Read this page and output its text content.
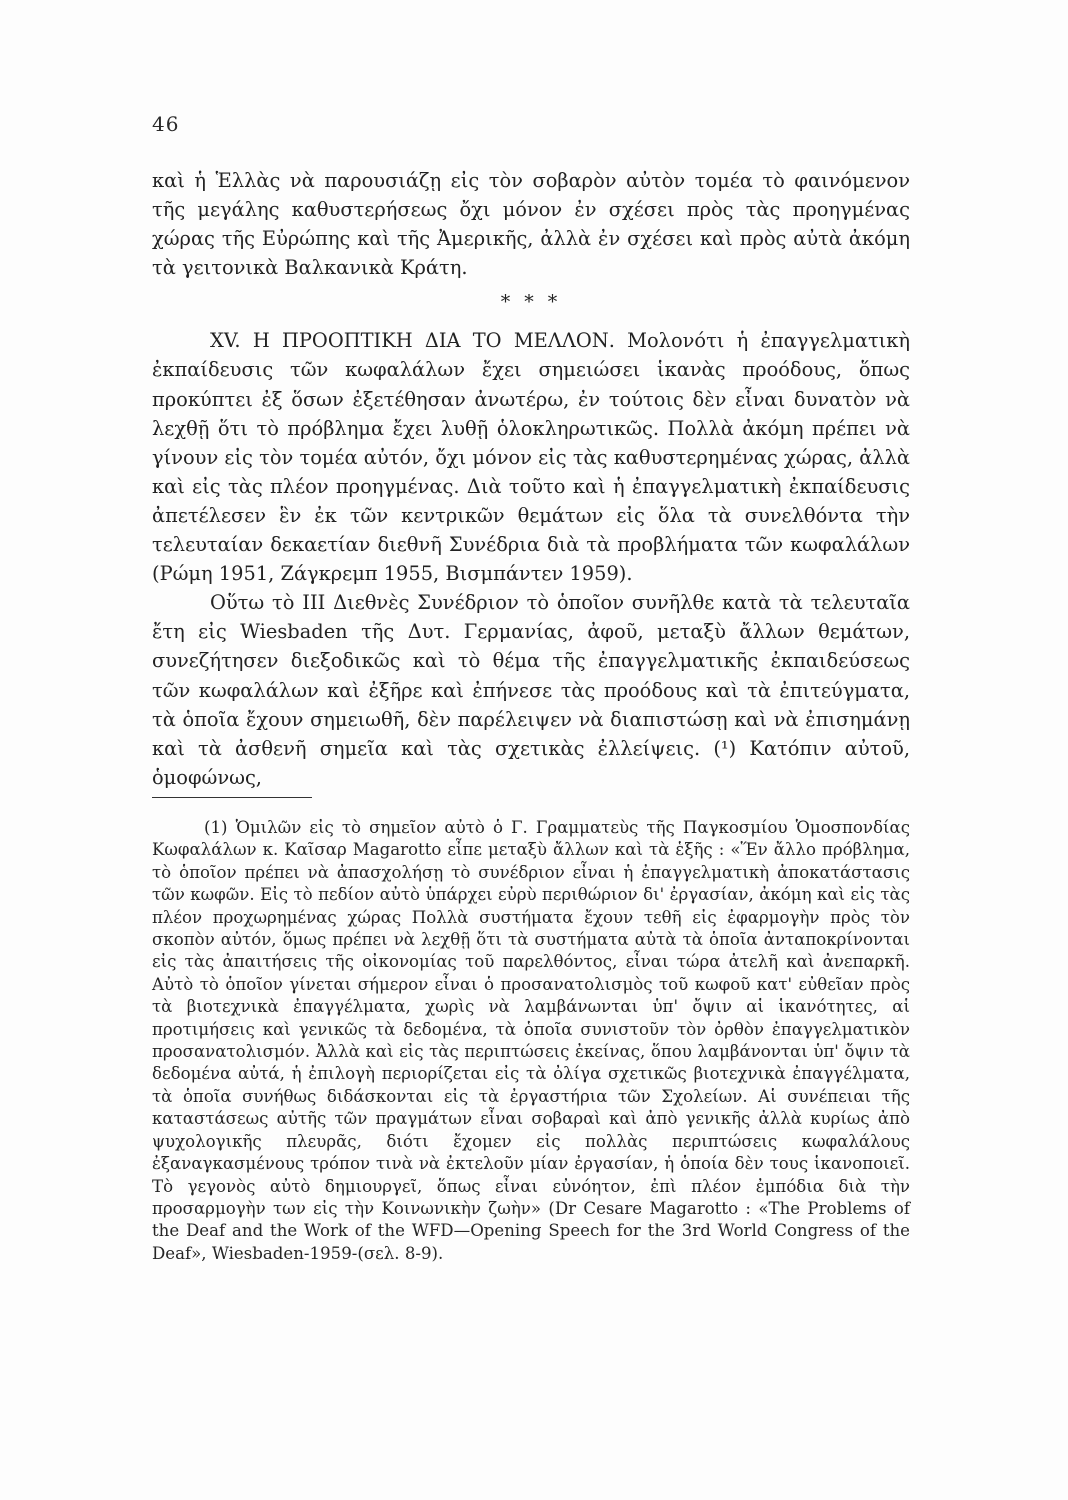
46

καὶ ἡ Ἑλλὰς νὰ παρουσιάζῃ εἰς τὸν σοβαρὸν αὐτὸν τομέα τὸ φαινόμενον τῆς μεγάλης καθυστερήσεως ὄχι μόνον ἐν σχέσει πρὸς τὰς προηγμένας χώρας τῆς Εὐρώπης καὶ τῆς Ἀμερικῆς, ἀλλὰ ἐν σχέσει καὶ πρὸς αὐτὰ ἀκόμη τὰ γειτονικὰ Βαλκανικὰ Κράτη.

* * *

XV. Η ΠΡΟΟΠΤΙΚΗ ΔΙΑ ΤΟ ΜΕΛΛΟΝ. Μολονότι ἡ ἐπαγγελματικὴ ἐκπαίδευσις τῶν κωφαλάλων ἔχει σημειώσει ἱκανὰς προόδους, ὅπως προκύπτει ἐξ ὅσων ἐξετέθησαν ἀνωτέρω, ἐν τούτοις δὲν εἶναι δυνατὸν νὰ λεχθῇ ὅτι τὸ πρόβλημα ἔχει λυθῇ ὁλοκληρωτικῶς. Πολλὰ ἀκόμη πρέπει νὰ γίνουν εἰς τὸν τομέα αὐτόν, ὄχι μόνον εἰς τὰς καθυστερημένας χώρας, ἀλλὰ καὶ εἰς τὰς πλέον προηγμένας. Διὰ τοῦτο καὶ ἡ ἐπαγγελματικὴ ἐκπαίδευσις ἀπετέλεσεν ἓν ἐκ τῶν κεντρικῶν θεμάτων εἰς ὅλα τὰ συνελθόντα τὴν τελευταίαν δεκαετίαν διεθνῆ Συνέδρια διὰ τὰ προβλήματα τῶν κωφαλάλων (Ρώμη 1951, Ζάγκρεμπ 1955, Βισμπάντεν 1959).

Οὕτω τὸ ΙΙΙ Διεθνὲς Συνέδριον τὸ ὁποῖον συνῆλθε κατὰ τὰ τελευταῖα ἔτη εἰς Wiesbaden τῆς Δυτ. Γερμανίας, ἀφοῦ, μεταξὺ ἄλλων θεμάτων, συνεζήτησεν διεξοδικῶς καὶ τὸ θέμα τῆς ἐπαγγελματικῆς ἐκπαιδεύσεως τῶν κωφαλάλων καὶ ἐξῆρε καὶ ἐπήνεσε τὰς προόδους καὶ τὰ ἐπιτεύγματα, τὰ ὁποῖα ἔχουν σημειωθῆ, δὲν παρέλειψεν νὰ διαπιστώσῃ καὶ νὰ ἐπισημάνῃ καὶ τὰ ἀσθενῆ σημεῖα καὶ τὰς σχετικὰς ἐλλείψεις. (¹) Κατόπιν αὐτοῦ, ὁμοφώνως,

(1) Ὁμιλῶν εἰς τὸ σημεῖον αὐτὸ ὁ Γ. Γραμματεὺς τῆς Παγκοσμίου Ὁμοσπονδίας Κωφαλάλων κ. Καῖσαρ Magarotto εἶπε μεταξὺ ἄλλων καὶ τὰ ἑξῆς : «Ἕν ἄλλο πρόβλημα, τὸ ὁποῖον πρέπει νὰ ἀπασχολήσῃ τὸ συνέδριον εἶναι ἡ ἐπαγγελματικὴ ἀποκατάστασις τῶν κωφῶν. Εἰς τὸ πεδίον αὐτὸ ὑπάρχει εὐρὺ περιθώριον δι' ἐργασίαν, ἀκόμη καὶ εἰς τὰς πλέον προχωρημένας χώρας Πολλὰ συστήματα ἔχουν τεθῆ εἰς ἐφαρμογὴν πρὸς τὸν σκοπὸν αὐτόν, ὅμως πρέπει νὰ λεχθῇ ὅτι τὰ συστήματα αὐτὰ τὰ ὁποῖα ἀνταποκρίνονται εἰς τὰς ἀπαιτήσεις τῆς οἰκονομίας τοῦ παρελθόντος, εἶναι τώρα ἀτελῆ καὶ ἀνεπαρκῆ. Αὐτὸ τὸ ὁποῖον γίνεται σήμερον εἶναι ὁ προσανατολισμὸς τοῦ κωφοῦ κατ' εὐθεῖαν πρὸς τὰ βιοτεχνικὰ ἐπαγγέλματα, χωρὶς νὰ λαμβάνωνται ὑπ' ὄψιν αἱ ἱκανότητες, αἱ προτιμήσεις καὶ γενικῶς τὰ δεδομένα, τὰ ὁποῖα συνιστοῦν τὸν ὀρθὸν ἐπαγγελματικὸν προσανατολισμόν. Ἀλλὰ καὶ εἰς τὰς περιπτώσεις ἐκείνας, ὅπου λαμβάνονται ὑπ' ὄψιν τὰ δεδομένα αὐτά, ἡ ἐπιλογὴ περιορίζεται εἰς τὰ ὀλίγα σχετικῶς βιοτεχνικὰ ἐπαγγέλματα, τὰ ὁποῖα συνήθως διδάσκονται εἰς τὰ ἐργαστήρια τῶν Σχολείων. Αἱ συνέπειαι τῆς καταστάσεως αὐτῆς τῶν πραγμάτων εἶναι σοβαραὶ καὶ ἀπὸ γενικῆς ἀλλὰ κυρίως ἀπὸ ψυχολογικῆς πλευρᾶς, διότι ἔχομεν εἰς πολλὰς περιπτώσεις κωφαλάλους ἐξαναγκασμένους τρόπον τινὰ νὰ ἐκτελοῦν μίαν ἐργασίαν, ἡ ὁποία δὲν τους ἱκανοποιεῖ. Τὸ γεγονὸς αὐτὸ δημιουργεῖ, ὅπως εἶναι εὐνόητον, ἐπὶ πλέον ἐμπόδια διὰ τὴν προσαρμογὴν των εἰς τὴν Κοινωνικὴν ζωὴν» (Dr Cesare Magarotto : «The Problems of the Deaf and the Work of the WFD—Opening Speech for the 3rd World Congress of the Deaf», Wiesbaden-1959-(σελ. 8-9).
